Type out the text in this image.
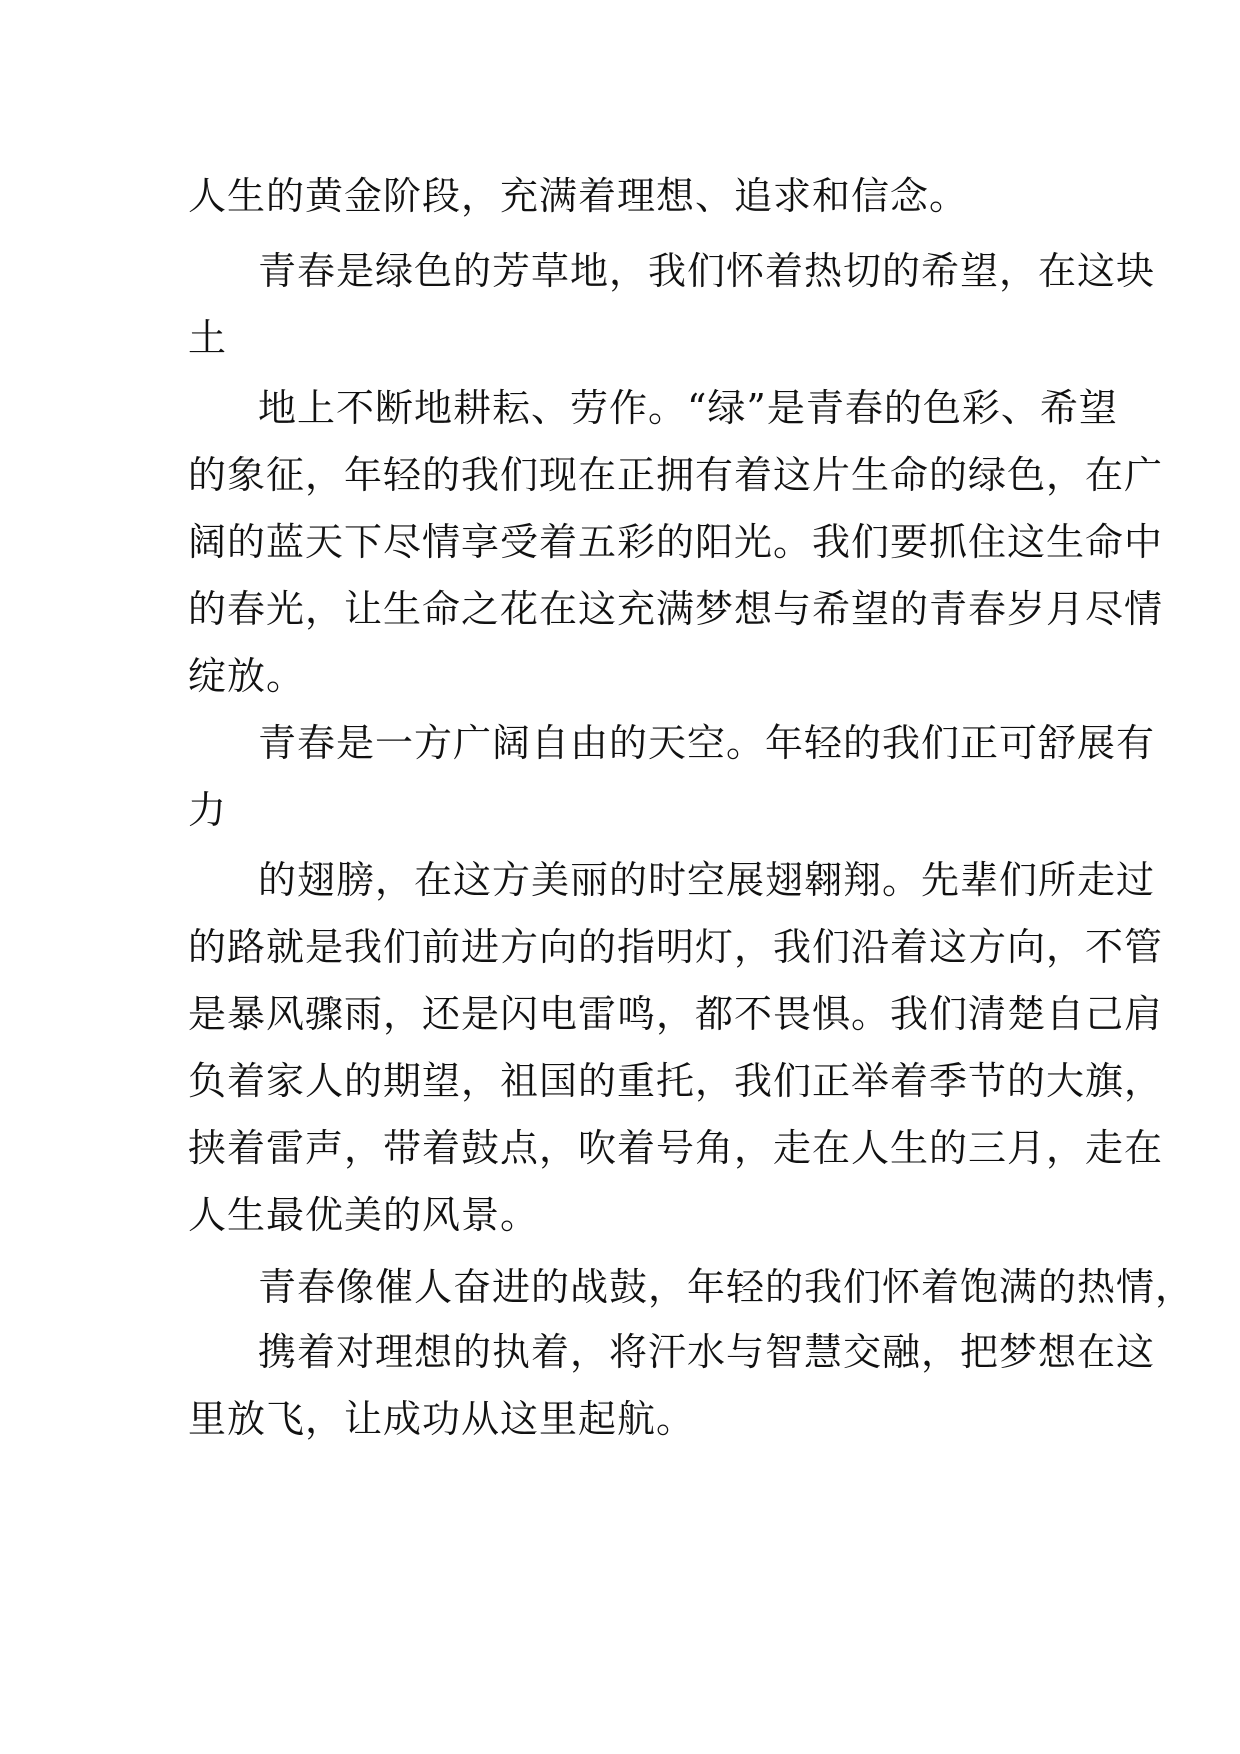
人生的黄金阶段，充满着理想、追求和信念。
青春是绿色的芳草地，我们怀着热切的希望，在这块
土
地上不断地耕耘、劳作。“绿”是青春的色彩、希望
的象征，年轻的我们现在正拥有着这片生命的绿色，在广
阔的蓝天下尽情享受着五彩的阳光。我们要抓住这生命中
的春光，让生命之花在这充满梦想与希望的青春岁月尽情
绽放。
青春是一方广阔自由的天空。年轻的我们正可舒展有
力
的翅膀，在这方美丽的时空展翅翱翔。先辈们所走过
的路就是我们前进方向的指明灯，我们沿着这方向，不管
是暴风骤雨，还是闪电雷鸣，都不畏惧。我们清楚自己肩
负着家人的期望，祖国的重托，我们正举着季节的大旗，
挟着雷声，带着鼓点，吹着号角，走在人生的三月，走在
人生最优美的风景。
青春像催人奋进的战鼓，年轻的我们怀着饱满的热情，
携着对理想的执着，将汗水与智慧交融，把梦想在这
里放飞，让成功从这里起航。
